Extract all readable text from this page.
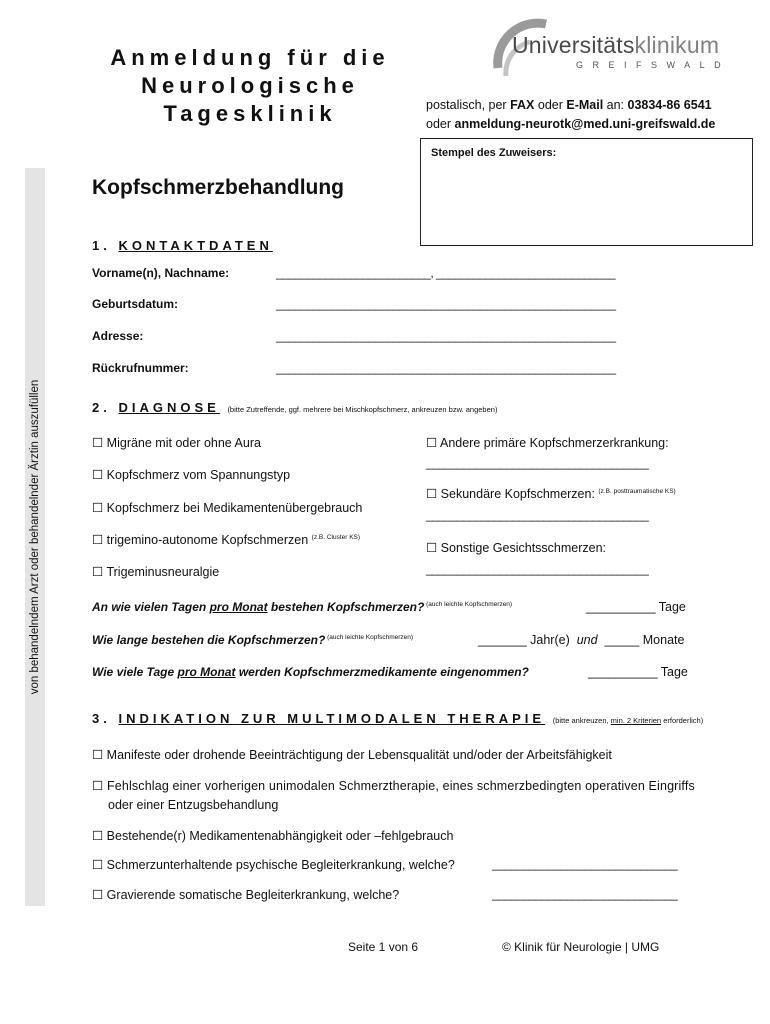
Anmeldung für die
Neurologische
Tagesklinik
Universitätsklinikum
GREIFSWALD
postalisch, per FAX oder E-Mail an: 03834-86 6541
oder anmeldung-neurotk@med.uni-greifswald.de
Stempel des Zuweisers:
von behandelndem Arzt oder behandelnder Ärztin auszufüllen
Kopfschmerzbehandlung
1. KONTAKTDATEN
Vorname(n), Nachname:	_________________________, _____________________________
Geburtsdatum:	_______________________________________________________
Adresse:	_______________________________________________________
Rückrufnummer:	_______________________________________________________
2. DIAGNOSE (bitte Zutreffende, ggf. mehrere bei Mischkopfschmerz, ankreuzen bzw. angeben)
☐ Migräne mit oder ohne Aura
☐ Kopfschmerz vom Spannungstyp
☐ Kopfschmerz bei Medikamentenübergebrauch
☐ trigemino-autonome Kopfschmerzen $^{(z.B. Cluster KS)}$
☐ Trigeminusneuralgie
☐ Andere primäre Kopfschmerzerkrankung:
____________________________________
☐ Sekundäre Kopfschmerzen: $^{(z.B. posttraumatische KS)}$
____________________________________
☐ Sonstige Gesichtsschmerzen:
____________________________________
An wie vielen Tagen pro Monat bestehen Kopfschmerzen? $^{(auch leichte Kopfschmerzen)}$	__________ Tage
Wie lange bestehen die Kopfschmerzen? $^{(auch leichte Kopfschmerzen)}$	_______ Jahr(e) und _____ Monate
Wie viele Tage pro Monat werden Kopfschmerzmedikamente eingenommen?	__________ Tage
3. INDIKATION ZUR MULTIMODALEN THERAPIE (bitte ankreuzen, min. 2 Kriterien erforderlich)
☐ Manifeste oder drohende Beeinträchtigung der Lebensqualität und/oder der Arbeitsfähigkeit
☐ Fehlschlag einer vorherigen unimodalen Schmerztherapie, eines schmerzbedingten operativen Eingriffs
oder einer Entzugsbehandlung
☐ Bestehende(r) Medikamentenabhängigkeit oder –fehlgebrauch
☐ Schmerzunterhaltende psychische Begleiterkrankung, welche?	______________________________
☐ Gravierende somatische Begleiterkrankung, welche?	______________________________
Seite 1 von 6	© Klinik für Neurologie | UMG
